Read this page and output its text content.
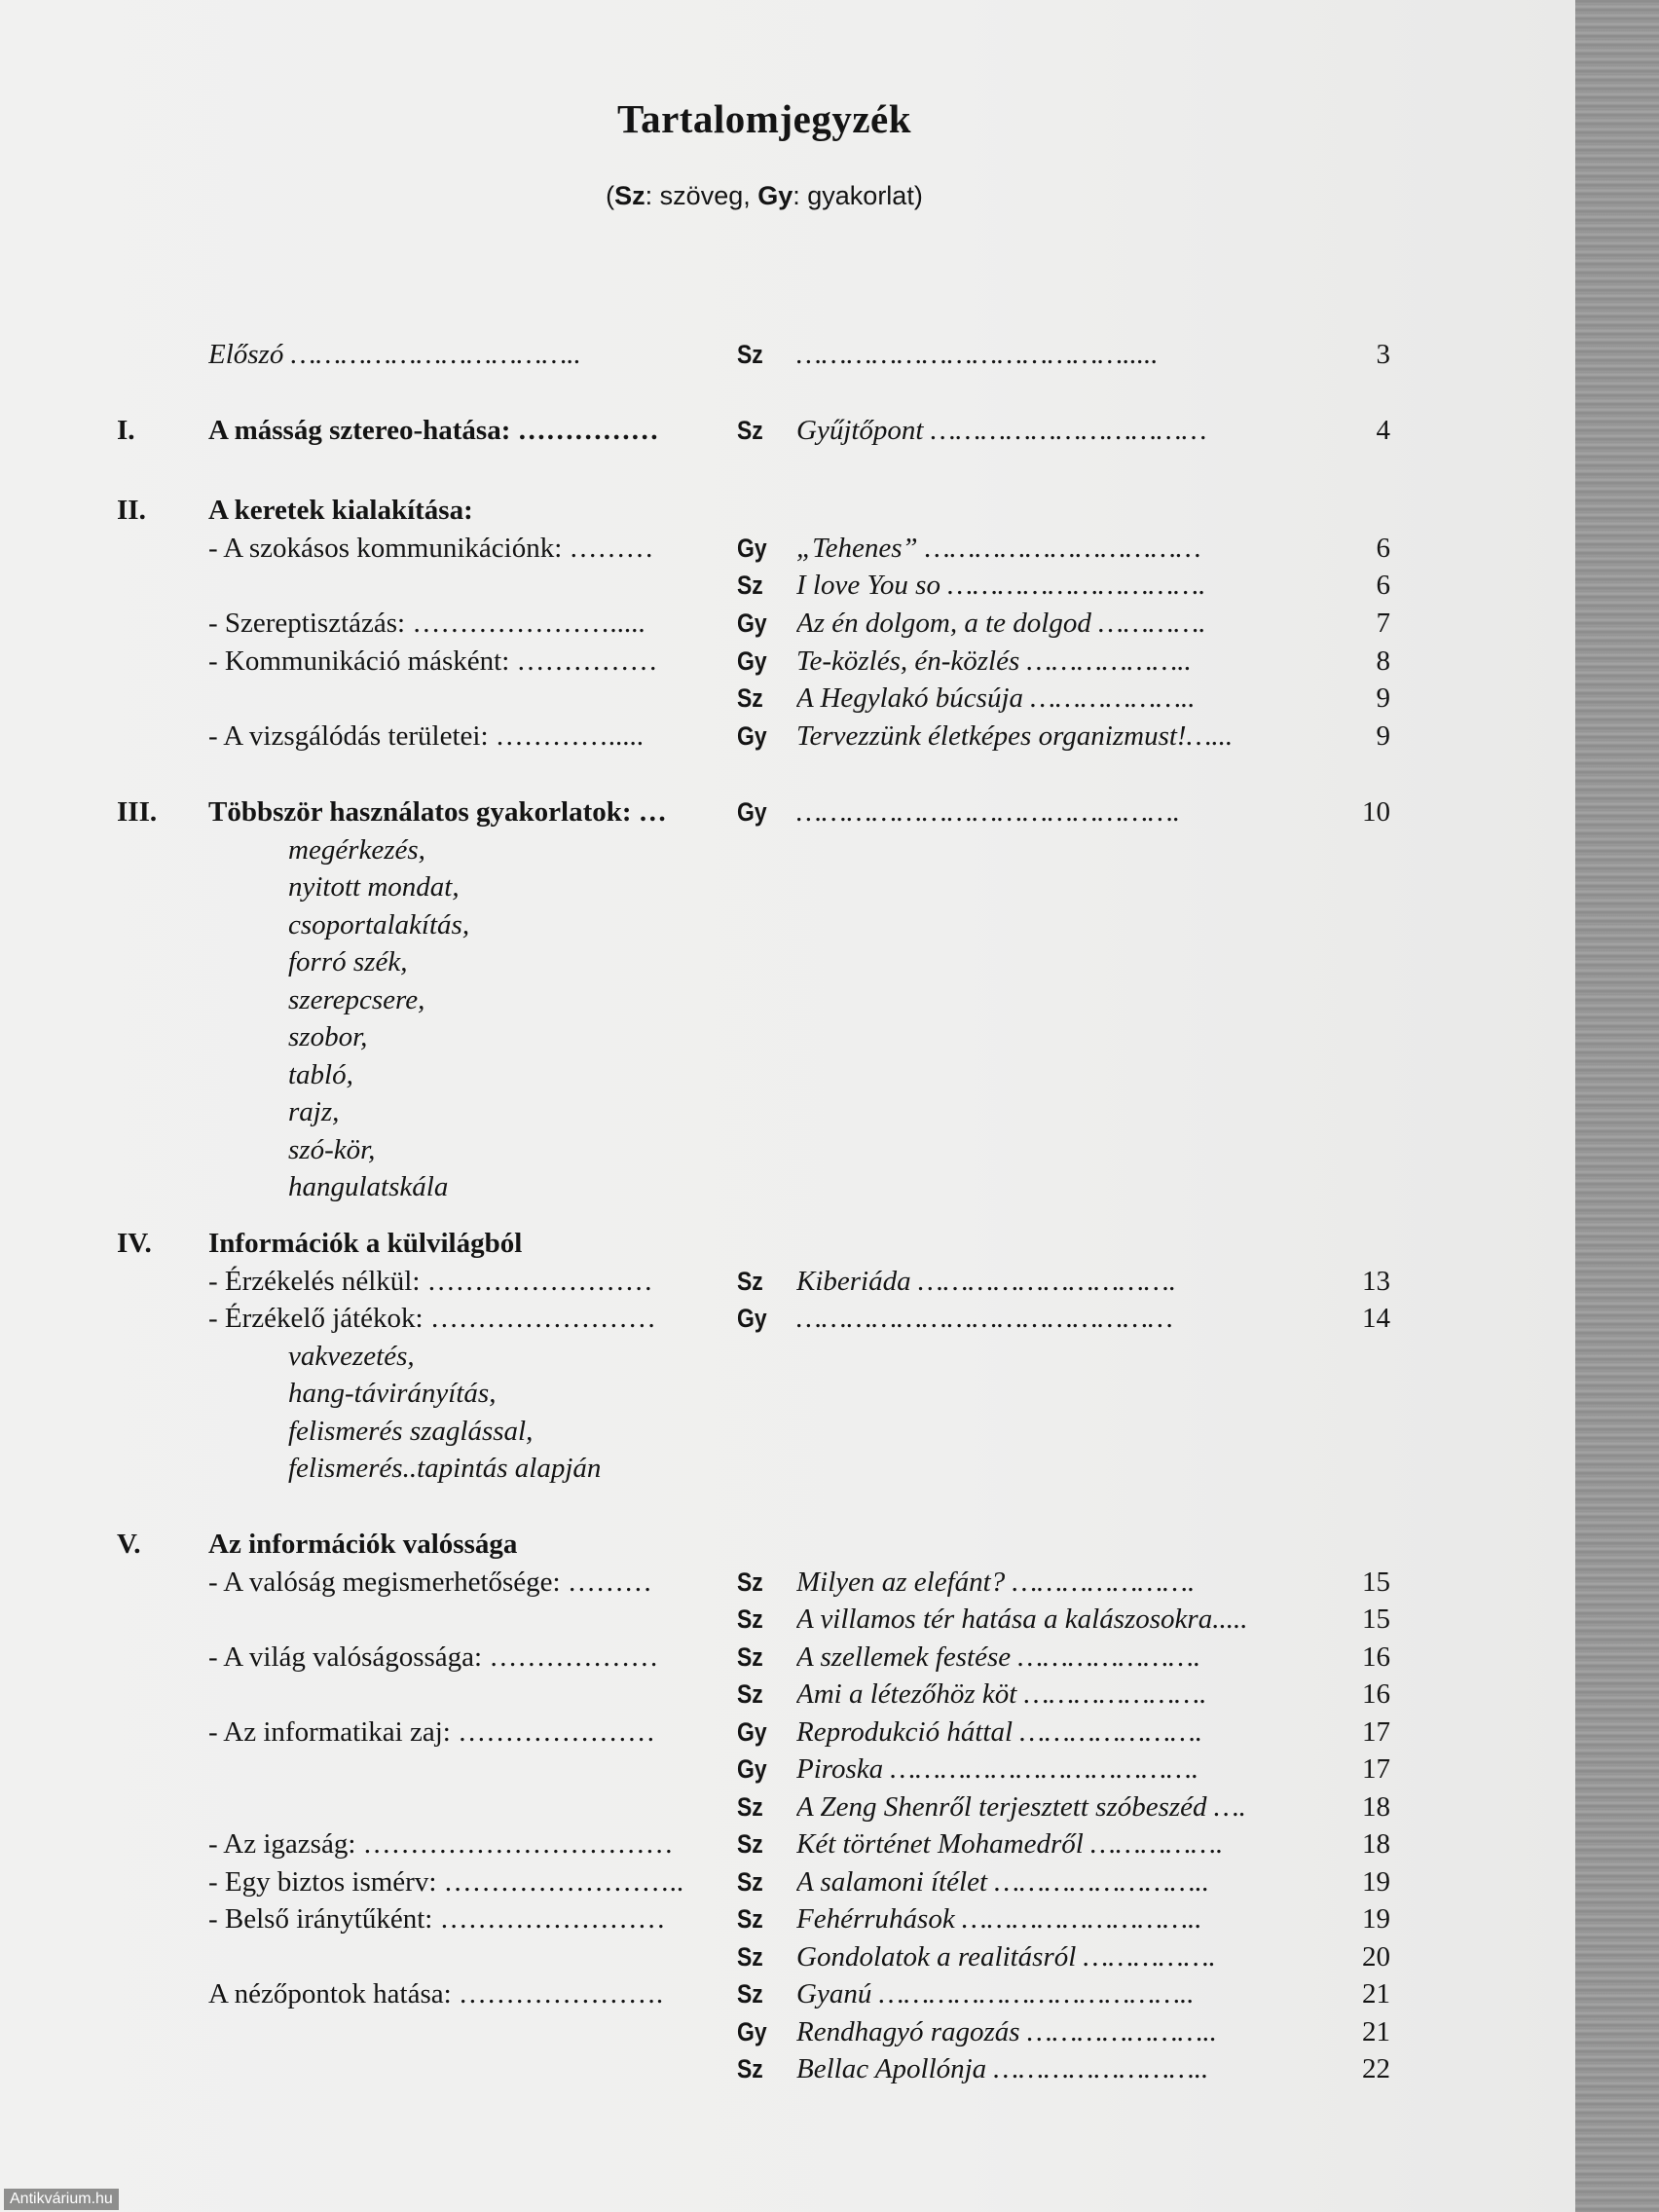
Tartalomjegyzék
(Sz: szöveg, Gy: gyakorlat)
Előszó ……………………………..	Sz ………………………………….....	3
I.	A másság sztereo-hatása: ……………	Sz Gyűjtőpont ……………………………	4
II. A keretek kialakítása:
- A szokásos kommunikációnk: ………	Gy „Tehenes” ……………………………	6
Sz I love You so ………………………….	6
- Szereptisztázás: ………………….....	Gy Az én dolgom, a te dolgod ………….	7
- Kommunikáció másként: ……………	Gy Te-közlés, én-közlés ………………..	8
Sz A Hegylakó búcsúja ………………..	9
- A vizsgálódás területei: ………….....	Gy Tervezzünk életképes organizmust!…...	9
III. Többször használatos gyakorlatok: …	Gy ……………………………………….	10
megérkezés,
nyitott mondat,
csoportalakítás,
forró szék,
szerepcsere,
szobor,
tabló,
rajz,
szó-kör,
hangulatskála
IV. Információk a külvilágból
- Érzékelés nélkül: ……………………	Sz Kiberiáda ………………………….	13
- Érzékelő játékok: ……………………	Gy ………………………………………	14
vakvezetés,
hang-távirányítás,
felismerés szaglással,
felismerés..tapintás alapján
V. Az információk valóssága
- A valóság megismerhetősége: ………	Sz Milyen az elefánt? ………………….	15
Sz A villamos tér hatása a kalászosokra.....	15
- A világ valóságossága: ………………	Sz A szellemek festése ………………….	16
Sz Ami a létezőhöz köt ………………….	16
- Az informatikai zaj: …………………	Gy Reprodukció háttal ………………….	17
Gy Piroska ……………………………….	17
Sz A Zeng Shenről terjesztett szóbeszéd ….	18
- Az igazság: ……………………………	Sz Két történet Mohamedről …………….	18
- Egy biztos ismérv: ……………………..	Sz A salamoni ítélet ……………………..	19
- Belső iránytűként: ……………………	Sz Fehérruhások ………………………..	19
Sz Gondolatok a realitásról …………….	20
A nézőpontok hatása: ………………….	Sz Gyanú ………………………………..	21
Gy Rendhagyó ragozás …………………..	21
Sz Bellac Apollónja ……………………..	22
Antikvárium.hu
